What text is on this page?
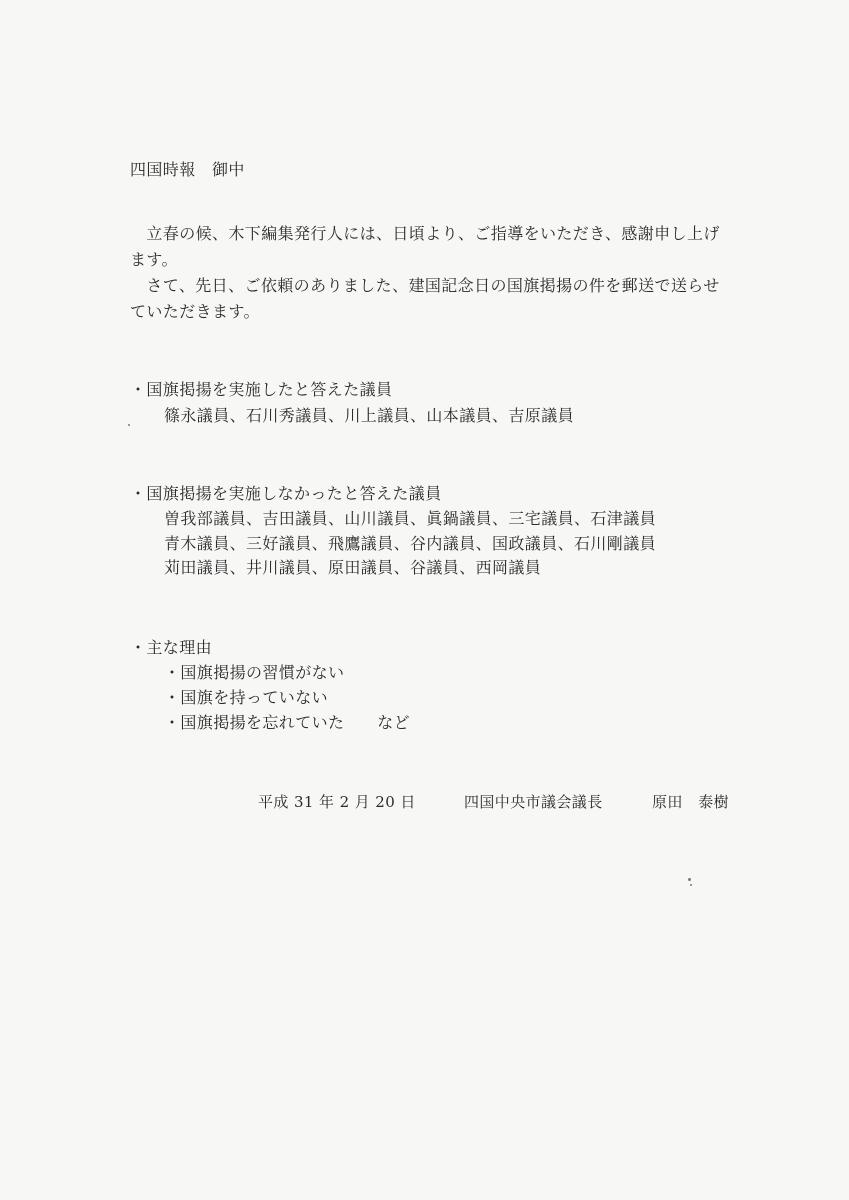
四国時報　御中
　立春の候、木下編集発行人には、日頃より、ご指導をいただき、感謝申し上げ
ます。
　さて、先日、ご依頼のありました、建国記念日の国旗掲揚の件を郵送で送らせ
ていただきます。
・国旗掲揚を実施したと答えた議員
篠永議員、石川秀議員、川上議員、山本議員、吉原議員
・国旗掲揚を実施しなかったと答えた議員
曽我部議員、吉田議員、山川議員、眞鍋議員、三宅議員、石津議員
青木議員、三好議員、飛鷹議員、谷内議員、国政議員、石川剛議員
苅田議員、井川議員、原田議員、谷議員、西岡議員
・主な理由
・国旗掲揚の習慣がない
・国旗を持っていない
・国旗掲揚を忘れていた　　など
平成 31 年 2 月 20 日	四国中央市議会議長	原田　泰樹
